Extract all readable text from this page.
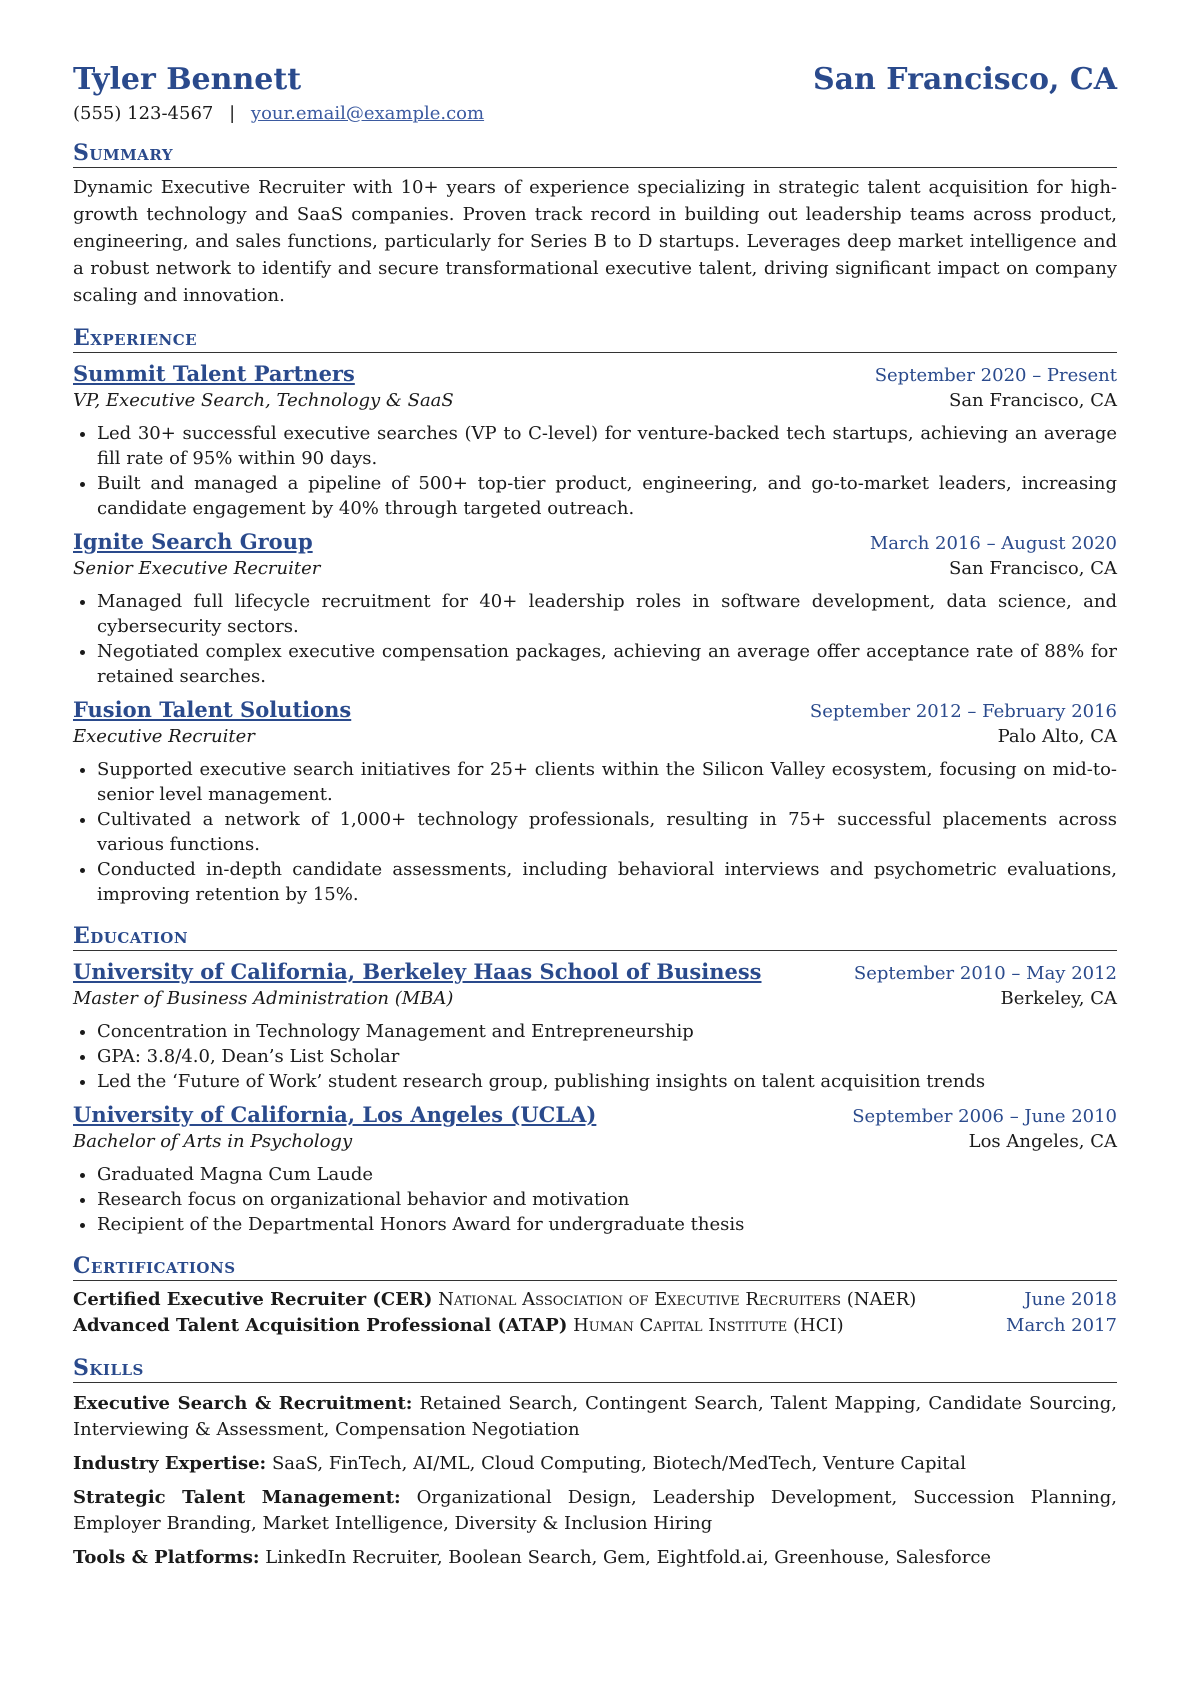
Tyler Bennett	San Francisco, CA
(555) 123-4567 | your.email@example.com
Summary
Dynamic Executive Recruiter with 10+ years of experience specializing in strategic talent acquisition for high-growth technology and SaaS companies. Proven track record in building out leadership teams across product, engineering, and sales functions, particularly for Series B to D startups. Leverages deep market intelligence and a robust network to identify and secure transformational executive talent, driving significant impact on company scaling and innovation.
Experience
Summit Talent Partners	September 2020 – Present
VP, Executive Search, Technology & SaaS	San Francisco, CA
• Led 30+ successful executive searches (VP to C-level) for venture-backed tech startups, achieving an average fill rate of 95% within 90 days.
• Built and managed a pipeline of 500+ top-tier product, engineering, and go-to-market leaders, increasing candidate engagement by 40% through targeted outreach.
Ignite Search Group	March 2016 – August 2020
Senior Executive Recruiter	San Francisco, CA
• Managed full lifecycle recruitment for 40+ leadership roles in software development, data science, and cybersecurity sectors.
• Negotiated complex executive compensation packages, achieving an average offer acceptance rate of 88% for retained searches.
Fusion Talent Solutions	September 2012 – February 2016
Executive Recruiter	Palo Alto, CA
• Supported executive search initiatives for 25+ clients within the Silicon Valley ecosystem, focusing on mid-to-senior level management.
• Cultivated a network of 1,000+ technology professionals, resulting in 75+ successful placements across various functions.
• Conducted in-depth candidate assessments, including behavioral interviews and psychometric evaluations, improving retention by 15%.
Education
University of California, Berkeley Haas School of Business	September 2010 – May 2012
Master of Business Administration (MBA)	Berkeley, CA
• Concentration in Technology Management and Entrepreneurship
• GPA: 3.8/4.0, Dean’s List Scholar
• Led the ‘Future of Work’ student research group, publishing insights on talent acquisition trends
University of California, Los Angeles (UCLA)	September 2006 – June 2010
Bachelor of Arts in Psychology	Los Angeles, CA
• Graduated Magna Cum Laude
• Research focus on organizational behavior and motivation
• Recipient of the Departmental Honors Award for undergraduate thesis
Certifications
Certified Executive Recruiter (CER) National Association of Executive Recruiters (NAER)	June 2018
Advanced Talent Acquisition Professional (ATAP) Human Capital Institute (HCI)	March 2017
Skills
Executive Search & Recruitment: Retained Search, Contingent Search, Talent Mapping, Candidate Sourcing, Interviewing & Assessment, Compensation Negotiation
Industry Expertise: SaaS, FinTech, AI/ML, Cloud Computing, Biotech/MedTech, Venture Capital
Strategic Talent Management: Organizational Design, Leadership Development, Succession Planning, Employer Branding, Market Intelligence, Diversity & Inclusion Hiring
Tools & Platforms: LinkedIn Recruiter, Boolean Search, Gem, Eightfold.ai, Greenhouse, Salesforce
